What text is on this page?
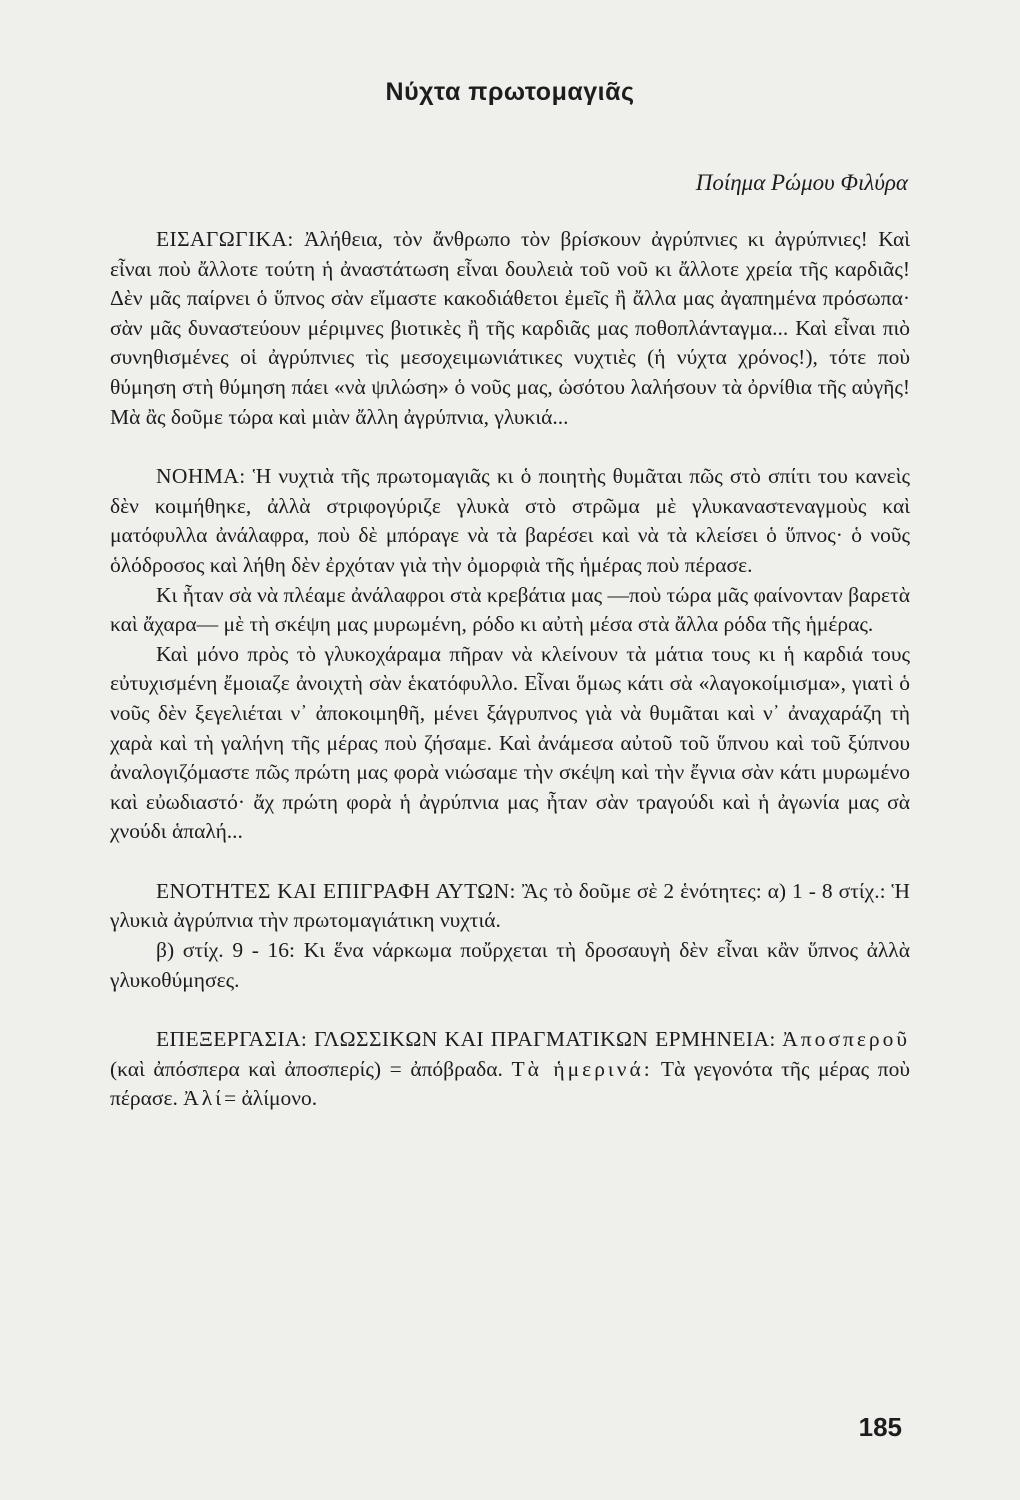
Νύχτα πρωτομαγιᾶς
Ποίημα Ρώμου Φιλύρα

ΕΙΣΑΓΩΓΙΚΑ: Ἀλήθεια, τὸν ἄνθρωπο τὸν βρίσκουν ἀγρύπνιες κι ἀγρύπνιες! Καὶ εἶναι ποὺ ἄλλοτε τούτη ἡ ἀναστάτωση εἶναι δουλειὰ τοῦ νοῦ κι ἄλλοτε χρεία τῆς καρδιᾶς! Δὲν μᾶς παίρνει ὁ ὕπνος σὰν εἴμαστε κακοδιάθετοι ἐμεῖς ἢ ἄλλα μας ἀγαπημένα πρόσωπα· σὰν μᾶς δυναστεύουν μέριμνες βιοτικὲς ἢ τῆς καρδιᾶς μας ποθοπλάνταγμα... Καὶ εἶναι πιὸ συνηθισμένες οἱ ἀγρύπνιες τὶς μεσοχειμωνιάτικες νυχτιὲς (ἡ νύχτα χρόνος!), τότε ποὺ θύμηση στὴ θύμηση πάει «νὰ ψιλώση» ὁ νοῦς μας, ὡσότου λαλήσουν τὰ ὀρνίθια τῆς αὐγῆς! Μὰ ἂς δοῦμε τώρα καὶ μιὰν ἄλλη ἀγρύπνια, γλυκιά...

ΝΟΗΜΑ: Ἡ νυχτιὰ τῆς πρωτομαγιᾶς κι ὁ ποιητὴς θυμᾶται πῶς στὸ σπίτι του κανεὶς δὲν κοιμήθηκε, ἀλλὰ στριφογύριζε γλυκὰ στὸ στρῶμα μὲ γλυκαναστεναγμοὺς καὶ ματόφυλλα ἀνάλαφρα, ποὺ δὲ μπόραγε νὰ τὰ βαρέσει καὶ νὰ τὰ κλείσει ὁ ὕπνος· ὁ νοῦς ὁλόδροσος καὶ λήθη δὲν ἐρχόταν γιὰ τὴν ὀμορφιὰ τῆς ἡμέρας ποὺ πέρασε.

Κι ἦταν σὰ νὰ πλέαμε ἀνάλαφροι στὰ κρεβάτια μας —ποὺ τώρα μᾶς φαίνονταν βαρετὰ καὶ ἄχαρα— μὲ τὴ σκέψη μας μυρωμένη, ρόδο κι αὐτὴ μέσα στὰ ἄλλα ρόδα τῆς ἡμέρας.

Καὶ μόνο πρὸς τὸ γλυκοχάραμα πῆραν νὰ κλείνουν τὰ μάτια τους κι ἡ καρδιά τους εὐτυχισμένη ἔμοιαζε ἀνοιχτὴ σὰν ἑκατόφυλλο. Εἶναι ὅμως κάτι σὰ «λαγοκοίμισμα», γιατὶ ὁ νοῦς δὲν ξεγελιέται ν᾽ ἀποκοιμηθῆ, μένει ξάγρυπνος γιὰ νὰ θυμᾶται καὶ ν᾽ ἀναχαράζη τὴ χαρὰ καὶ τὴ γαλήνη τῆς μέρας ποὺ ζήσαμε. Καὶ ἀνάμεσα αὐτοῦ τοῦ ὕπνου καὶ τοῦ ξύπνου ἀναλογιζόμαστε πῶς πρώτη μας φορὰ νιώσαμε τὴν σκέψη καὶ τὴν ἔγνια σὰν κάτι μυρωμένο καὶ εὐωδιαστό· ἄχ πρώτη φορὰ ἡ ἀγρύπνια μας ἦταν σὰν τραγούδι καὶ ἡ ἀγωνία μας σὰ χνούδι ἁπαλή...

ΕΝΟΤΗΤΕΣ ΚΑΙ ΕΠΙΓΡΑΦΗ ΑΥΤΩΝ: Ἂς τὸ δοῦμε σὲ 2 ἑνότητες: α) 1 - 8 στίχ.: Ἡ γλυκιὰ ἀγρύπνια τὴν πρωτομαγιάτικη νυχτιά.

β) στίχ. 9 - 16: Κι ἕνα νάρκωμα ποὔρχεται τὴ δροσαυγὴ δὲν εἶναι κἂν ὕπνος ἀλλὰ γλυκοθύμησες.

ΕΠΕΞΕΡΓΑΣΙΑ: ΓΛΩΣΣΙΚΩΝ ΚΑΙ ΠΡΑΓΜΑΤΙΚΩΝ ΕΡΜΗΝΕΙΑ: Ἀποσπεροῦ (καὶ ἀπόσπερα καὶ ἀποσπερίς) = ἀπόβραδα. Τὰ ἡμερινά: Τὰ γεγονότα τῆς μέρας ποὺ πέρασε. Ἀλί= ἀλίμονο.

185
